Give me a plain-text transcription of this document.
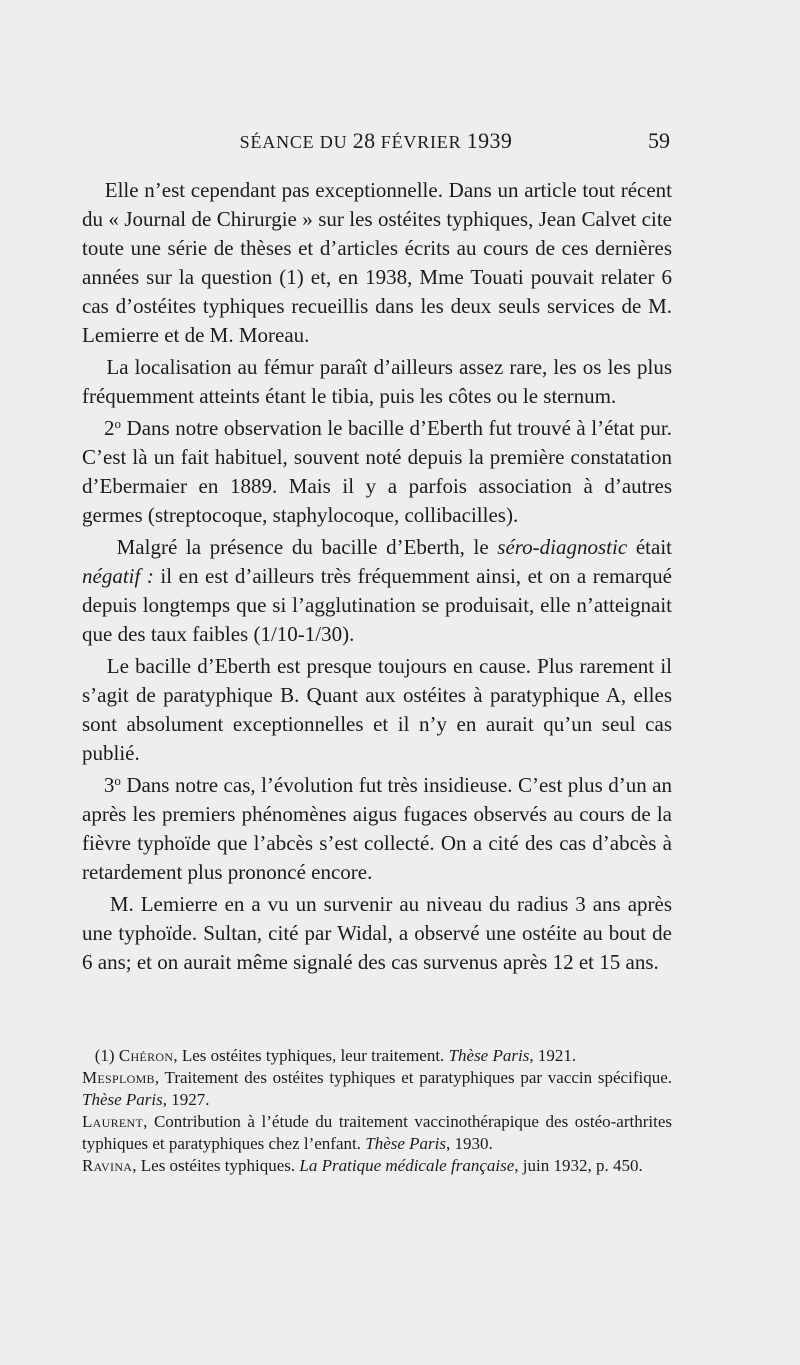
SÉANCE DU 28 FÉVRIER 1939	59

Elle n’est cependant pas exceptionnelle. Dans un article tout récent du « Journal de Chirurgie » sur les ostéites typhiques, Jean Calvet cite toute une série de thèses et d’articles écrits au cours de ces dernières années sur la question (1) et, en 1938, Mme Touati pouvait relater 6 cas d’ostéites typhiques recueillis dans les deux seuls services de M. Lemierre et de M. Moreau.

La localisation au fémur paraît d’ailleurs assez rare, les os les plus fréquemment atteints étant le tibia, puis les côtes ou le sternum.

2$^o$ Dans notre observation le bacille d’Eberth fut trouvé à l’état pur. C’est là un fait habituel, souvent noté depuis la première constatation d’Ebermaier en 1889. Mais il y a parfois association à d’autres germes (streptocoque, staphylocoque, collibacilles).

Malgré la présence du bacille d’Eberth, le séro-diagnostic était négatif : il en est d’ailleurs très fréquemment ainsi, et on a remarqué depuis longtemps que si l’agglutination se produisait, elle n’atteignait que des taux faibles (1/10-1/30).

Le bacille d’Eberth est presque toujours en cause. Plus rarement il s’agit de paratyphique B. Quant aux ostéites à paratyphique A, elles sont absolument exceptionnelles et il n’y en aurait qu’un seul cas publié.

3$^o$ Dans notre cas, l’évolution fut très insidieuse. C’est plus d’un an après les premiers phénomènes aigus fugaces observés au cours de la fièvre typhoïde que l’abcès s’est collecté. On a cité des cas d’abcès à retardement plus prononcé encore.

M. Lemierre en a vu un survenir au niveau du radius 3 ans après une typhoïde. Sultan, cité par Widal, a observé une ostéite au bout de 6 ans; et on aurait même signalé des cas survenus après 12 et 15 ans.

(1) Chéron, Les ostéites typhiques, leur traitement. Thèse Paris, 1921.

Mesplomb, Traitement des ostéites typhiques et paratyphiques par vaccin spécifique. Thèse Paris, 1927.

Laurent, Contribution à l’étude du traitement vaccinothérapique des ostéo-arthrites typhiques et paratyphiques chez l’enfant. Thèse Paris, 1930.

Ravina, Les ostéites typhiques. La Pratique médicale française, juin 1932, p. 450.
